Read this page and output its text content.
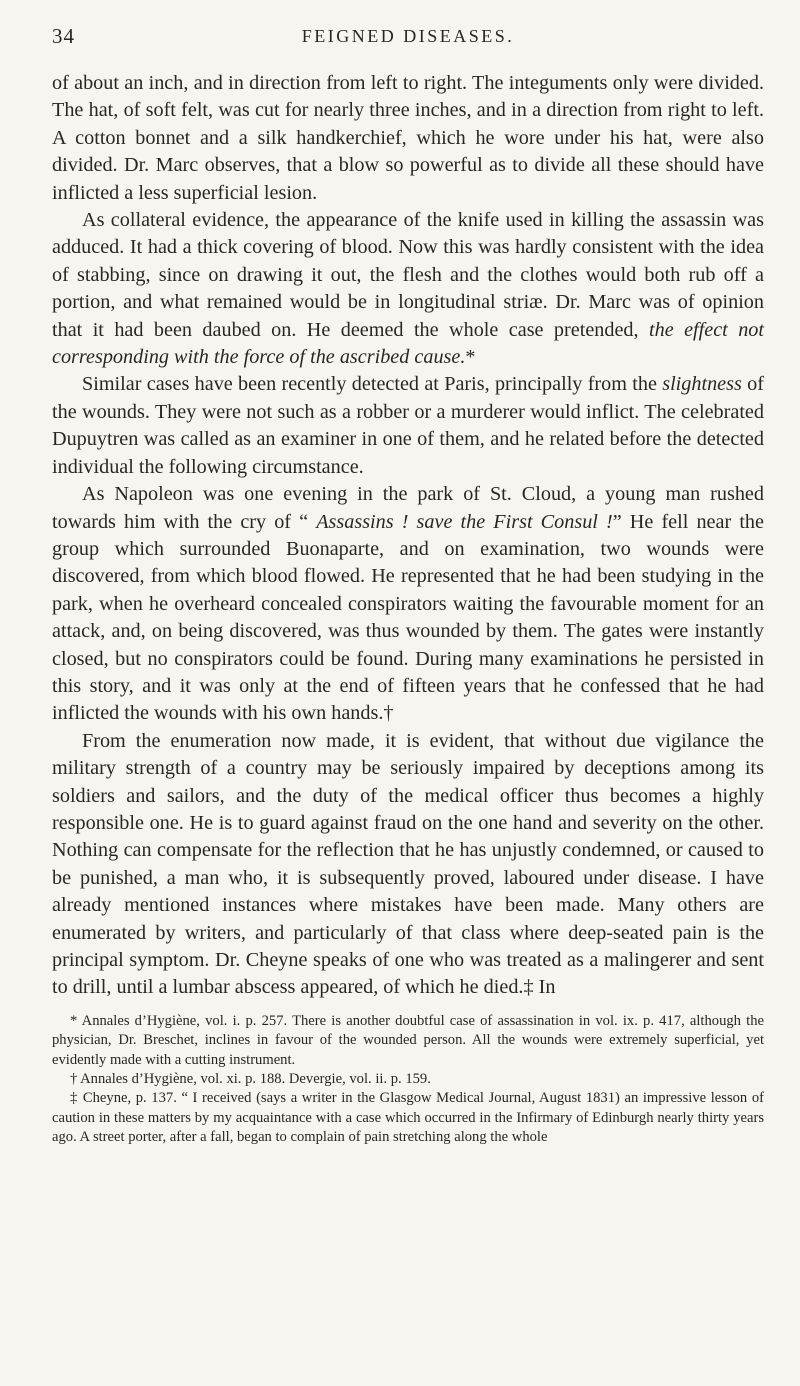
34	FEIGNED DISEASES.

of about an inch, and in direction from left to right. The integuments only were divided. The hat, of soft felt, was cut for nearly three inches, and in a direction from right to left. A cotton bonnet and a silk handkerchief, which he wore under his hat, were also divided. Dr. Marc observes, that a blow so powerful as to divide all these should have inflicted a less superficial lesion.

As collateral evidence, the appearance of the knife used in killing the assassin was adduced. It had a thick covering of blood. Now this was hardly consistent with the idea of stabbing, since on drawing it out, the flesh and the clothes would both rub off a portion, and what remained would be in longitudinal striæ. Dr. Marc was of opinion that it had been daubed on. He deemed the whole case pretended, the effect not corresponding with the force of the ascribed cause.*

Similar cases have been recently detected at Paris, principally from the slightness of the wounds. They were not such as a robber or a murderer would inflict. The celebrated Dupuytren was called as an examiner in one of them, and he related before the detected individual the following circumstance.

As Napoleon was one evening in the park of St. Cloud, a young man rushed towards him with the cry of “ Assassins ! save the First Consul !” He fell near the group which surrounded Buonaparte, and on examination, two wounds were discovered, from which blood flowed. He represented that he had been studying in the park, when he overheard concealed conspirators waiting the favourable moment for an attack, and, on being discovered, was thus wounded by them. The gates were instantly closed, but no conspirators could be found. During many examinations he persisted in this story, and it was only at the end of fifteen years that he confessed that he had inflicted the wounds with his own hands.†

From the enumeration now made, it is evident, that without due vigilance the military strength of a country may be seriously impaired by deceptions among its soldiers and sailors, and the duty of the medical officer thus becomes a highly responsible one. He is to guard against fraud on the one hand and severity on the other. Nothing can compensate for the reflection that he has unjustly condemned, or caused to be punished, a man who, it is subsequently proved, laboured under disease. I have already mentioned instances where mistakes have been made. Many others are enumerated by writers, and particularly of that class where deep-seated pain is the principal symptom. Dr. Cheyne speaks of one who was treated as a malingerer and sent to drill, until a lumbar abscess appeared, of which he died.‡ In

* Annales d’Hygiène, vol. i. p. 257. There is another doubtful case of assassination in vol. ix. p. 417, although the physician, Dr. Breschet, inclines in favour of the wounded person. All the wounds were extremely superficial, yet evidently made with a cutting instrument.

† Annales d’Hygiène, vol. xi. p. 188. Devergie, vol. ii. p. 159.

‡ Cheyne, p. 137. “ I received (says a writer in the Glasgow Medical Journal, August 1831) an impressive lesson of caution in these matters by my acquaintance with a case which occurred in the Infirmary of Edinburgh nearly thirty years ago. A street porter, after a fall, began to complain of pain stretching along the whole
